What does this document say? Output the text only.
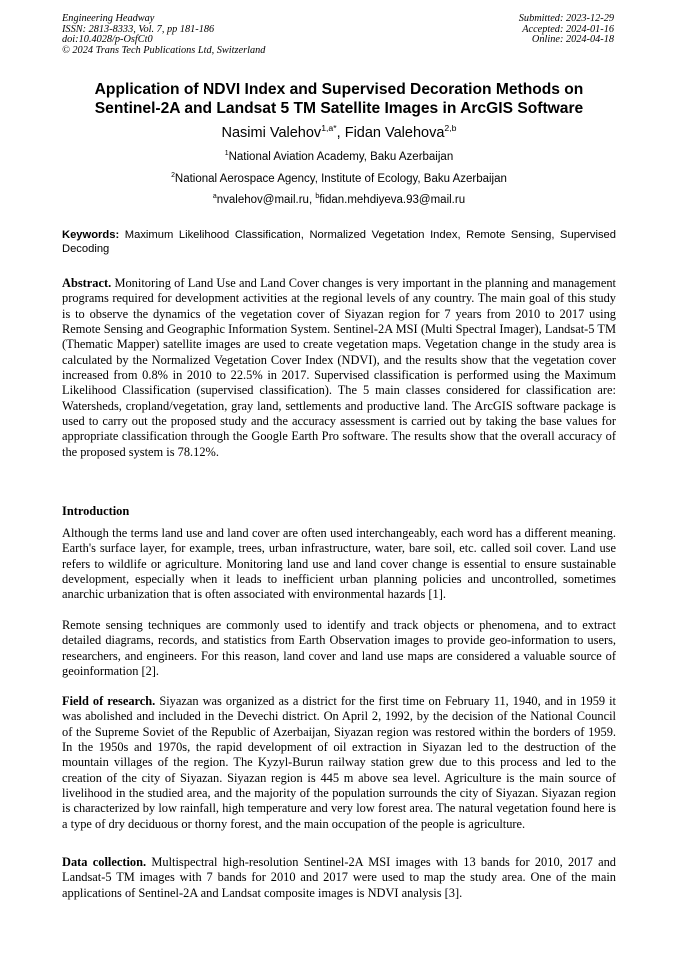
Engineering Headway
ISSN: 2813-8333, Vol. 7, pp 181-186
doi:10.4028/p-OsfCt0
© 2024 Trans Tech Publications Ltd, Switzerland
Submitted: 2023-12-29
Accepted: 2024-01-16
Online: 2024-04-18
Application of NDVI Index and Supervised Decoration Methods on
Sentinel-2A and Landsat 5 TM Satellite Images in ArcGIS Software
Nasimi Valehov$^{1,a*}$, Fidan Valehova$^{2,b}$
$^1$National Aviation Academy, Baku Azerbaijan
$^2$National Aerospace Agency, Institute of Ecology, Baku Azerbaijan
$^a$nvalehov@mail.ru, $^b$fidan.mehdiyeva.93@mail.ru
Keywords: Maximum Likelihood Classification, Normalized Vegetation Index, Remote Sensing, Supervised Decoding
Abstract. Monitoring of Land Use and Land Cover changes is very important in the planning and management programs required for development activities at the regional levels of any country. The main goal of this study is to observe the dynamics of the vegetation cover of Siyazan region for 7 years from 2010 to 2017 using Remote Sensing and Geographic Information System. Sentinel-2A MSI (Multi Spectral Imager), Landsat-5 TM (Thematic Mapper) satellite images are used to create vegetation maps. Vegetation change in the study area is calculated by the Normalized Vegetation Cover Index (NDVI), and the results show that the vegetation cover increased from 0.8% in 2010 to 22.5% in 2017. Supervised classification is performed using the Maximum Likelihood Classification (supervised classification). The 5 main classes considered for classification are: Watersheds, cropland/vegetation, gray land, settlements and productive land. The ArcGIS software package is used to carry out the proposed study and the accuracy assessment is carried out by taking the base values for appropriate classification through the Google Earth Pro software. The results show that the overall accuracy of the proposed system is 78.12%.
Introduction
Although the terms land use and land cover are often used interchangeably, each word has a different meaning. Earth's surface layer, for example, trees, urban infrastructure, water, bare soil, etc. called soil cover. Land use refers to wildlife or agriculture. Monitoring land use and land cover change is essential to ensure sustainable development, especially when it leads to inefficient urban planning policies and uncontrolled, sometimes anarchic urbanization that is often associated with environmental hazards [1].
Remote sensing techniques are commonly used to identify and track objects or phenomena, and to extract detailed diagrams, records, and statistics from Earth Observation images to provide geo-information to users, researchers, and engineers. For this reason, land cover and land use maps are considered a valuable source of geoinformation [2].
Field of research. Siyazan was organized as a district for the first time on February 11, 1940, and in 1959 it was abolished and included in the Devechi district. On April 2, 1992, by the decision of the National Council of the Supreme Soviet of the Republic of Azerbaijan, Siyazan region was restored within the borders of 1959. In the 1950s and 1970s, the rapid development of oil extraction in Siyazan led to the destruction of the mountain villages of the region. The Kyzyl-Burun railway station grew due to this process and led to the creation of the city of Siyazan. Siyazan region is 445 m above sea level. Agriculture is the main source of livelihood in the studied area, and the majority of the population surrounds the city of Siyazan. Siyazan region is characterized by low rainfall, high temperature and very low forest area. The natural vegetation found here is a type of dry deciduous or thorny forest, and the main occupation of the people is agriculture.
Data collection. Multispectral high-resolution Sentinel-2A MSI images with 13 bands for 2010, 2017 and Landsat-5 TM images with 7 bands for 2010 and 2017 were used to map the study area. One of the main applications of Sentinel-2A and Landsat composite images is NDVI analysis [3].
